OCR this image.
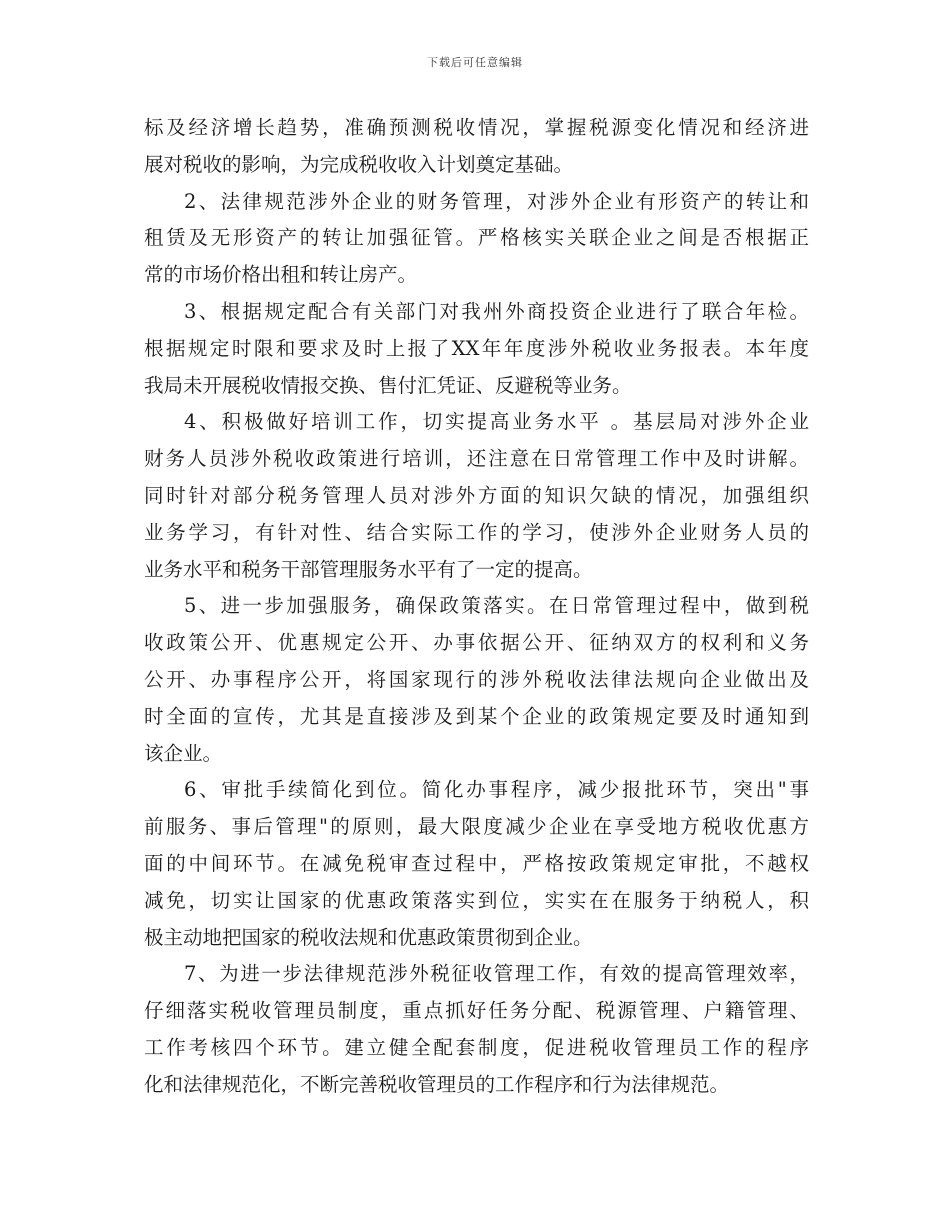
下载后可任意编辑
标及经济增长趋势，准确预测税收情况，掌握税源变化情况和经济进
展对税收的影响，为完成税收收入计划奠定基础。
2、法律规范涉外企业的财务管理，对涉外企业有形资产的转让和
租赁及无形资产的转让加强征管。严格核实关联企业之间是否根据正
常的市场价格出租和转让房产。
3、根据规定配合有关部门对我州外商投资企业进行了联合年检。
根据规定时限和要求及时上报了XX年年度涉外税收业务报表。本年度
我局未开展税收情报交换、售付汇凭证、反避税等业务。
4、积极做好培训工作，切实提高业务水平 。基层局对涉外企业
财务人员涉外税收政策进行培训，还注意在日常管理工作中及时讲解。
同时针对部分税务管理人员对涉外方面的知识欠缺的情况，加强组织
业务学习，有针对性、结合实际工作的学习，使涉外企业财务人员的
业务水平和税务干部管理服务水平有了一定的提高。
5、进一步加强服务，确保政策落实。在日常管理过程中，做到税
收政策公开、优惠规定公开、办事依据公开、征纳双方的权利和义务
公开、办事程序公开，将国家现行的涉外税收法律法规向企业做出及
时全面的宣传，尤其是直接涉及到某个企业的政策规定要及时通知到
该企业。
6、审批手续简化到位。简化办事程序，减少报批环节，突出"事
前服务、事后管理"的原则，最大限度减少企业在享受地方税收优惠方
面的中间环节。在减免税审查过程中，严格按政策规定审批，不越权
减免，切实让国家的优惠政策落实到位，实实在在服务于纳税人，积
极主动地把国家的税收法规和优惠政策贯彻到企业。
7、为进一步法律规范涉外税征收管理工作，有效的提高管理效率，
仔细落实税收管理员制度，重点抓好任务分配、税源管理、户籍管理、
工作考核四个环节。建立健全配套制度，促进税收管理员工作的程序
化和法律规范化，不断完善税收管理员的工作程序和行为法律规范。
